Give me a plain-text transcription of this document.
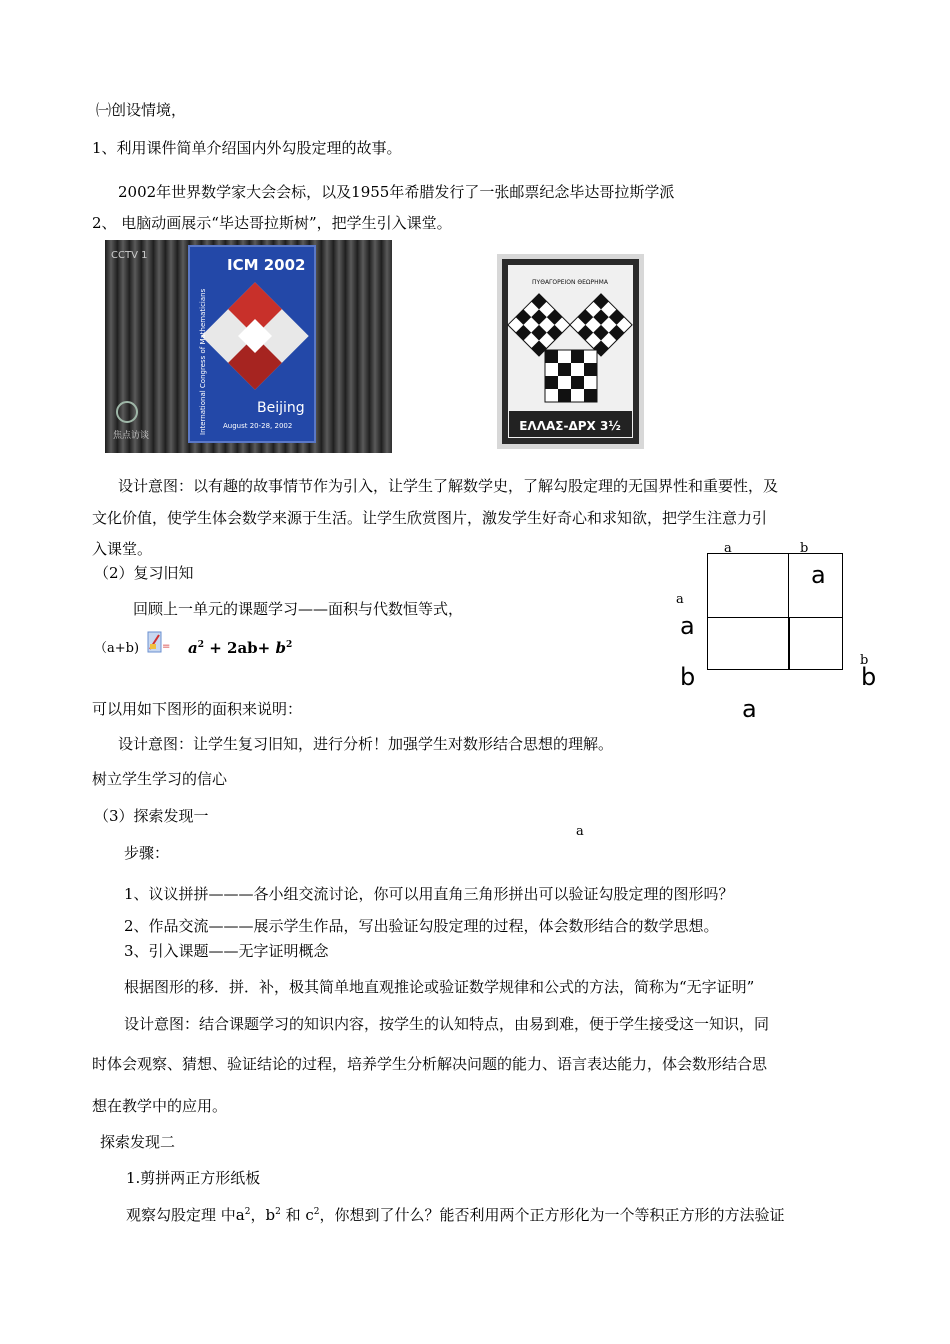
㈠创设情境，
1、利用课件简单介绍国内外勾股定理的故事。
2002年世界数学家大会会标，以及1955年希腊发行了一张邮票纪念毕达哥拉斯学派
2、 电脑动画展示“毕达哥拉斯树”，把学生引入课堂。
ICM 2002
Beijing
August 20-28, 2002
International Congress of Mathematicians
CCTV 1
焦点访谈
ΠΥΘΑΓΟΡΕΙΟΝ ΘΕΩΡΗΜΑ
ΕΛΛΑΣ-ΔΡΧ 3½
设计意图：以有趣的故事情节作为引入，让学生了解数学史，了解勾股定理的无国界性和重要性，及
文化价值，使学生体会数学来源于生活。让学生欣赏图片，激发学生好奇心和求知欲，把学生注意力引
入课堂。
（2）复习旧知
回顾上一单元的课题学习——面积与代数恒等式，
$(a+b) = a^2 + 2ab+ b^2$
可以用如下图形的面积来说明：
设计意图：让学生复习旧知，进行分析！加强学生对数形结合思想的理解。
树立学生学习的信心
a	b
a
a
a
b
b
b
a
（3）探索发现一
a
步骤：
1、议议拼拼———各小组交流讨论，你可以用直角三角形拼出可以验证勾股定理的图形吗？
2、作品交流———展示学生作品，写出验证勾股定理的过程，体会数形结合的数学思想。
3、引入课题——无字证明概念
根据图形的移．拼．补，极其简单地直观推论或验证数学规律和公式的方法，简称为“无字证明”
设计意图：结合课题学习的知识内容，按学生的认知特点，由易到难，便于学生接受这一知识，同
时体会观察、猜想、验证结论的过程，培养学生分析解决问题的能力、语言表达能力，体会数形结合思
想在教学中的应用。
探索发现二
1.剪拼两正方形纸板
观察勾股定理 中$a^2$，$b^2$ 和 $c^2$，你想到了什么？能否利用两个正方形化为一个等积正方形的方法验证
